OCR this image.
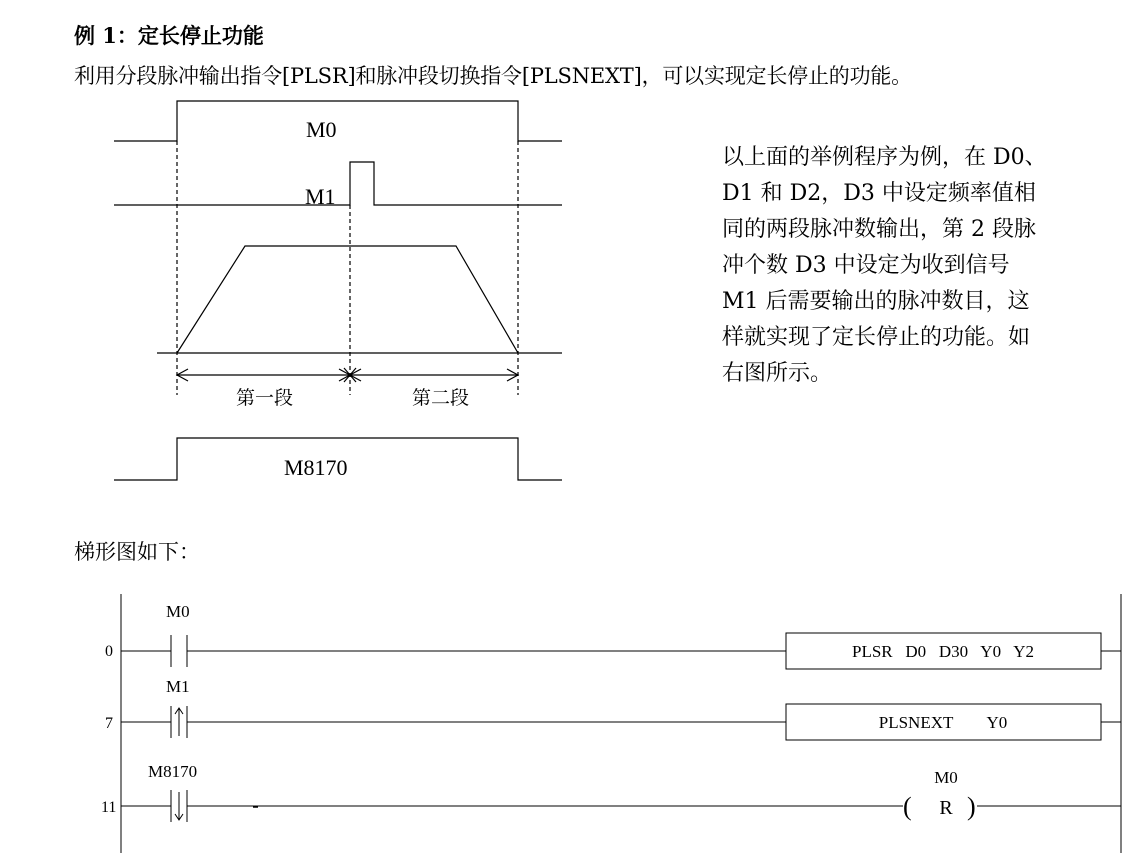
例 1：定长停止功能
利用分段脉冲输出指令[PLSR]和脉冲段切换指令[PLSNEXT]，可以实现定长停止的功能。
以上面的举例程序为例，在 D0、
D1 和 D2，D3 中设定频率值相
同的两段脉冲数输出，第 2 段脉
冲个数 D3 中设定为收到信号
M1 后需要输出的脉冲数目，这
样就实现了定长停止的功能。如
右图所示。
梯形图如下：
M0
M1
第一段	第二段
M8170
0
7
11
M0
M1
M8170
PLSR   D0   D30   Y0   Y2
PLSNEXT        Y0
M0
( R )
